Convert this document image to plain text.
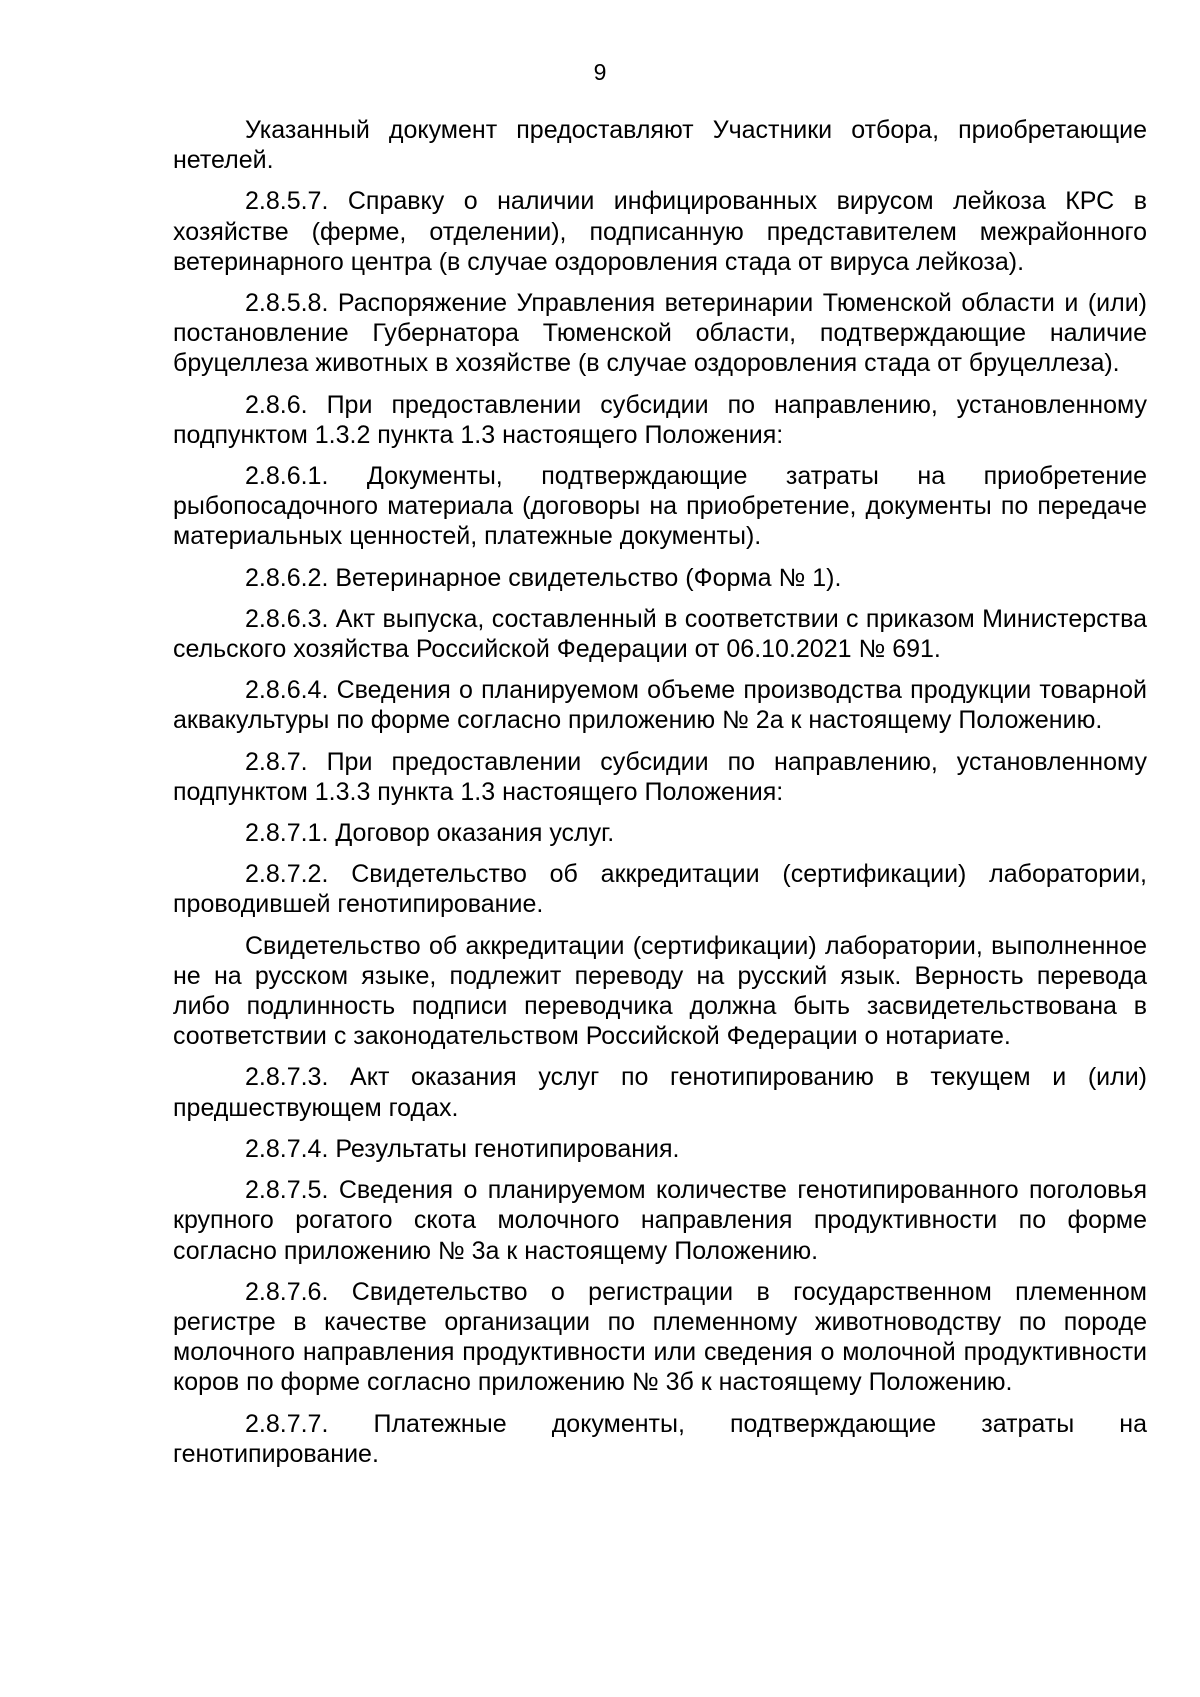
9

Указанный документ предоставляют Участники отбора, приобретающие нетелей.

2.8.5.7. Справку о наличии инфицированных вирусом лейкоза КРС в хозяйстве (ферме, отделении), подписанную представителем межрайонного ветеринарного центра (в случае оздоровления стада от вируса лейкоза).

2.8.5.8. Распоряжение Управления ветеринарии Тюменской области и (или) постановление Губернатора Тюменской области, подтверждающие наличие бруцеллеза животных в хозяйстве (в случае оздоровления стада от бруцеллеза).

2.8.6. При предоставлении субсидии по направлению, установленному подпунктом 1.3.2 пункта 1.3 настоящего Положения:

2.8.6.1. Документы, подтверждающие затраты на приобретение рыбопосадочного материала (договоры на приобретение, документы по передаче материальных ценностей, платежные документы).

2.8.6.2. Ветеринарное свидетельство (Форма № 1).

2.8.6.3. Акт выпуска, составленный в соответствии с приказом Министерства сельского хозяйства Российской Федерации от 06.10.2021 № 691.

2.8.6.4. Сведения о планируемом объеме производства продукции товарной аквакультуры по форме согласно приложению № 2а к настоящему Положению.

2.8.7. При предоставлении субсидии по направлению, установленному подпунктом 1.3.3 пункта 1.3 настоящего Положения:

2.8.7.1. Договор оказания услуг.

2.8.7.2. Свидетельство об аккредитации (сертификации) лаборатории, проводившей генотипирование.

Свидетельство об аккредитации (сертификации) лаборатории, выполненное не на русском языке, подлежит переводу на русский язык. Верность перевода либо подлинность подписи переводчика должна быть засвидетельствована в соответствии с законодательством Российской Федерации о нотариате.

2.8.7.3. Акт оказания услуг по генотипированию в текущем и (или) предшествующем годах.

2.8.7.4. Результаты генотипирования.

2.8.7.5. Сведения о планируемом количестве генотипированного поголовья крупного рогатого скота молочного направления продуктивности по форме согласно приложению № 3а к настоящему Положению.

2.8.7.6. Свидетельство о регистрации в государственном племенном регистре в качестве организации по племенному животноводству по породе молочного направления продуктивности или сведения о молочной продуктивности коров по форме согласно приложению № 3б к настоящему Положению.

2.8.7.7. Платежные документы, подтверждающие затраты на генотипирование.
